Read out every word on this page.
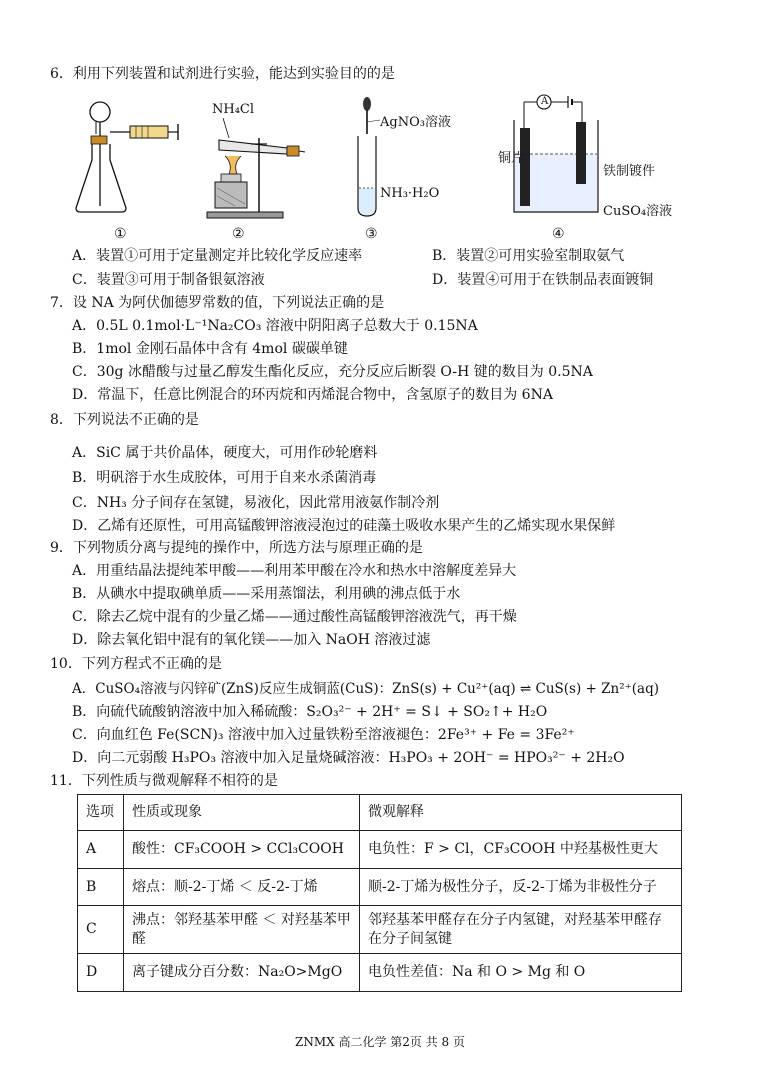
6．利用下列装置和试剂进行实验，能达到实验目的的是
NH₄Cl
AgNO₃溶液
NH₃·H₂O
铜片
铁制镀件
CuSO₄溶液
A
①	②	③	④
A．装置①可用于定量测定并比较化学反应速率	B．装置②可用实验室制取氨气
C．装置③可用于制备银氨溶液	D．装置④可用于在铁制品表面镀铜
7．设 NA 为阿伏伽德罗常数的值，下列说法正确的是
A．0.5L 0.1mol·L⁻¹Na₂CO₃ 溶液中阴阳离子总数大于 0.15NA
B．1mol 金刚石晶体中含有 4mol 碳碳单键
C．30g 冰醋酸与过量乙醇发生酯化反应，充分反应后断裂 O-H 键的数目为 0.5NA
D．常温下，任意比例混合的环丙烷和丙烯混合物中，含氢原子的数目为 6NA
8．下列说法不正确的是
A．SiC 属于共价晶体，硬度大，可用作砂轮磨料
B．明矾溶于水生成胶体，可用于自来水杀菌消毒
C．NH₃ 分子间存在氢键，易液化，因此常用液氨作制冷剂
D．乙烯有还原性，可用高锰酸钾溶液浸泡过的硅藻土吸收水果产生的乙烯实现水果保鲜
9．下列物质分离与提纯的操作中，所选方法与原理正确的是
A．用重结晶法提纯苯甲酸——利用苯甲酸在冷水和热水中溶解度差异大
B．从碘水中提取碘单质——采用蒸馏法，利用碘的沸点低于水
C．除去乙烷中混有的少量乙烯——通过酸性高锰酸钾溶液洗气，再干燥
D．除去氧化铝中混有的氧化镁——加入 NaOH 溶液过滤
10．下列方程式不正确的是
A．CuSO₄溶液与闪锌矿(ZnS)反应生成铜蓝(CuS)：ZnS(s) + Cu²⁺(aq) ⇌ CuS(s) + Zn²⁺(aq)
B．向硫代硫酸钠溶液中加入稀硫酸：S₂O₃²⁻ + 2H⁺ = S↓ + SO₂↑+ H₂O
C．向血红色 Fe(SCN)₃ 溶液中加入过量铁粉至溶液褪色：2Fe³⁺ + Fe = 3Fe²⁺
D．向二元弱酸 H₃PO₃ 溶液中加入足量烧碱溶液：H₃PO₃ + 2OH⁻ = HPO₃²⁻ + 2H₂O
11．下列性质与微观解释不相符的是
选项	性质或现象	微观解释
A	酸性：CF₃COOH > CCl₃COOH	电负性：F > Cl，CF₃COOH 中羟基极性更大
B	熔点：顺-2-丁烯 ＜ 反-2-丁烯	顺-2-丁烯为极性分子，反-2-丁烯为非极性分子
C	沸点：邻羟基苯甲醛 ＜ 对羟基苯甲醛	邻羟基苯甲醛存在分子内氢键，对羟基苯甲醛存在分子间氢键
D	离子键成分百分数：Na₂O>MgO	电负性差值：Na 和 O > Mg 和 O
ZNMX 高二化学 第2页 共 8 页
